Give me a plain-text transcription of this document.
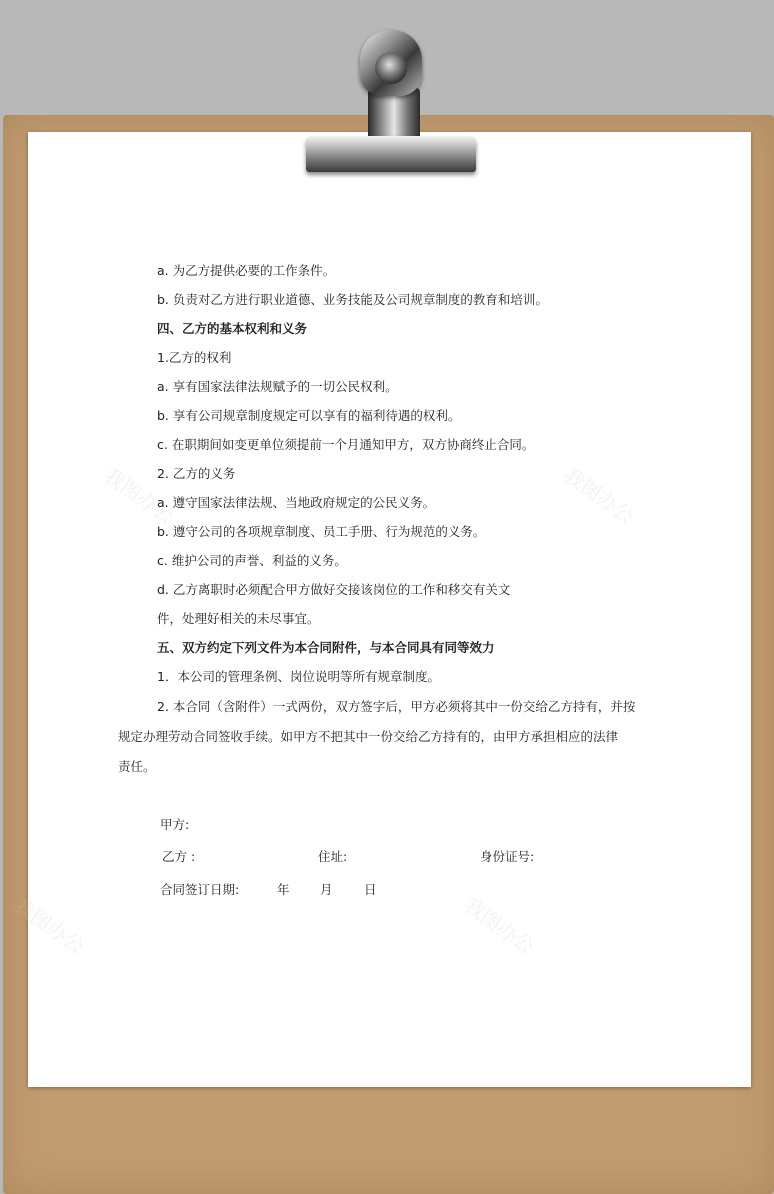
我图办公	我图办公
我图办公	我图办公
a. 为乙方提供必要的工作条件。
b. 负责对乙方进行职业道德、业务技能及公司规章制度的教育和培训。
四、乙方的基本权利和义务
1.乙方的权利
a. 享有国家法律法规赋予的一切公民权利。
b. 享有公司规章制度规定可以享有的福利待遇的权利。
c. 在职期间如变更单位须提前一个月通知甲方，双方协商终止合同。
2. 乙方的义务
a. 遵守国家法律法规、当地政府规定的公民义务。
b. 遵守公司的各项规章制度、员工手册、行为规范的义务。
c. 维护公司的声誉、利益的义务。
d. 乙方离职时必须配合甲方做好交接该岗位的工作和移交有关文
件，处理好相关的未尽事宜。
五、双方约定下列文件为本合同附件，与本合同具有同等效力
1．本公司的管理条例、岗位说明等所有规章制度。
2. 本合同（含附件）一式两份，双方签字后，甲方必须将其中一份交给乙方持有，并按
规定办理劳动合同签收手续。如甲方不把其中一份交给乙方持有的，由甲方承担相应的法律
责任。
甲方:
乙方 :	住址:	身份证号:
合同签订日期:	年 月	日
